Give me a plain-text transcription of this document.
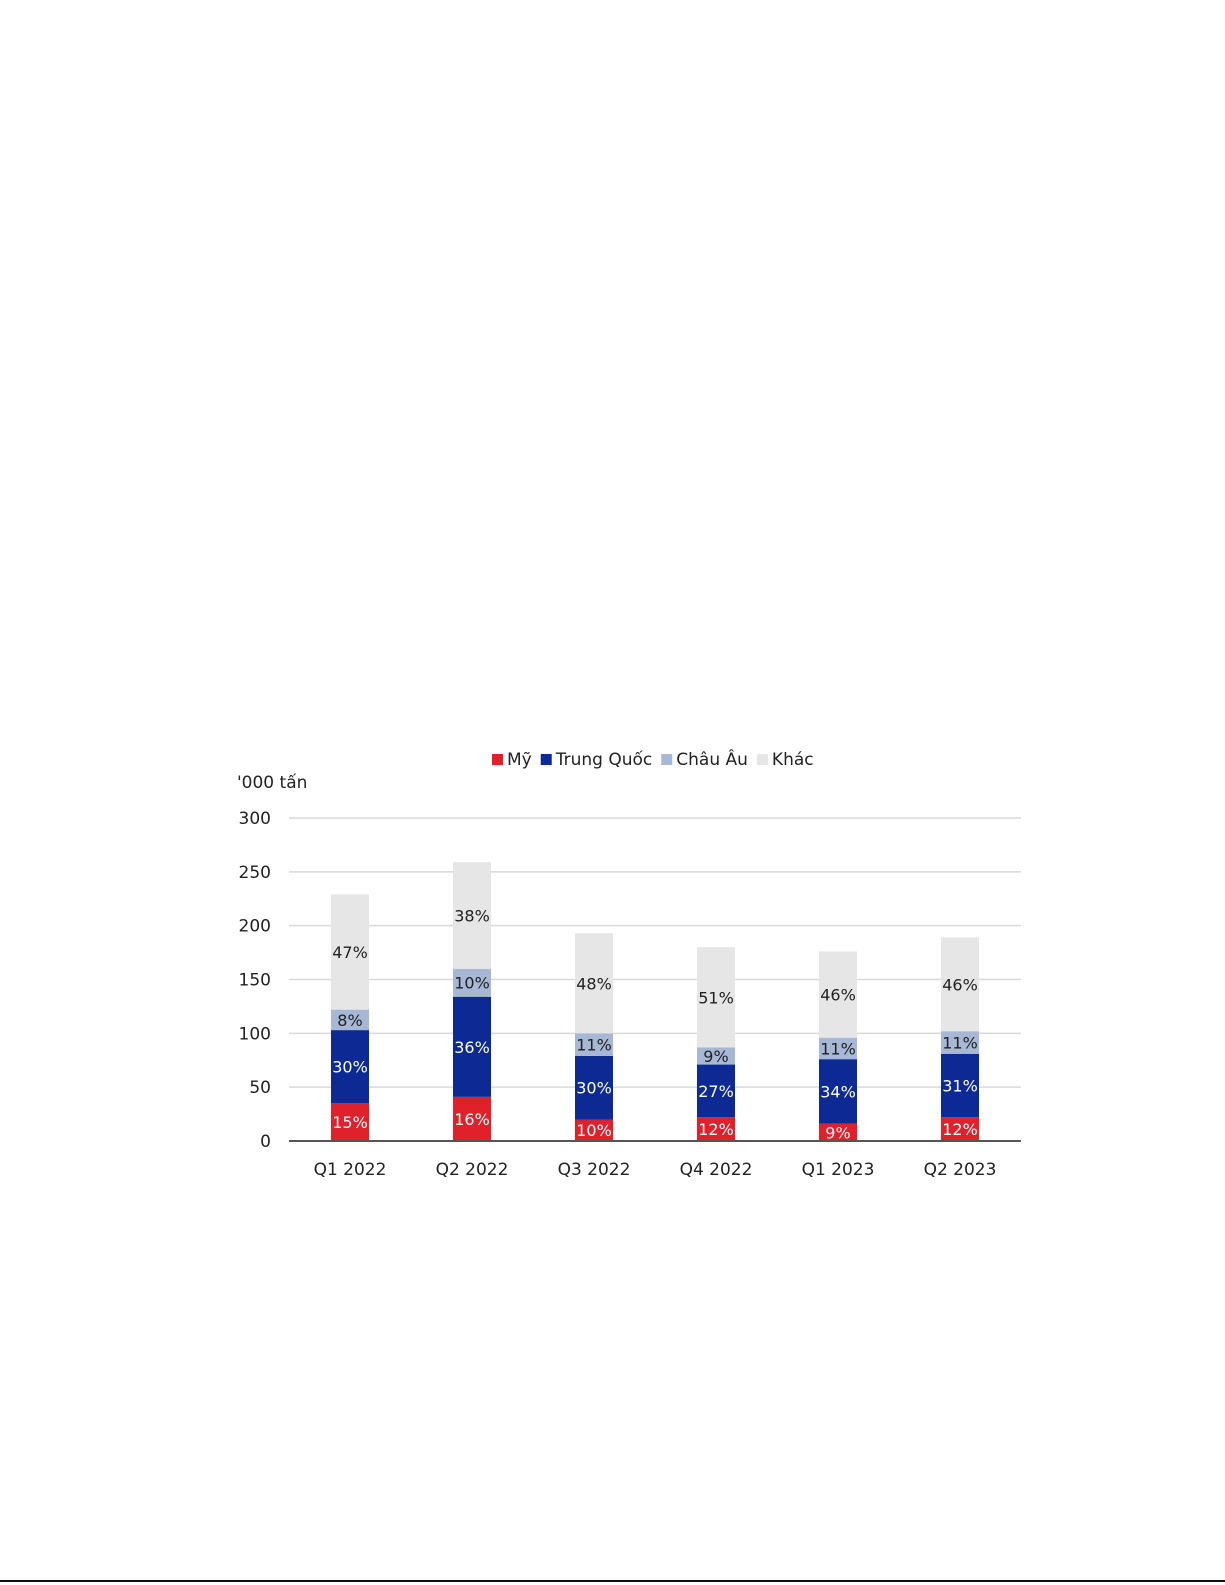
Mỹ Trung Quốc Châu Âu Khác
'000 tấn
0
50
100
150
200
250
300
15%
30%
8%
47%
16%
36%
10%
38%
10%
30%
11%
48%
12%
27%
9%
51%
9%
34%
11%
46%
12%
31%
11%
46%
Q1 2022	Q2 2022	Q3 2022	Q4 2022	Q1 2023	Q2 2023
